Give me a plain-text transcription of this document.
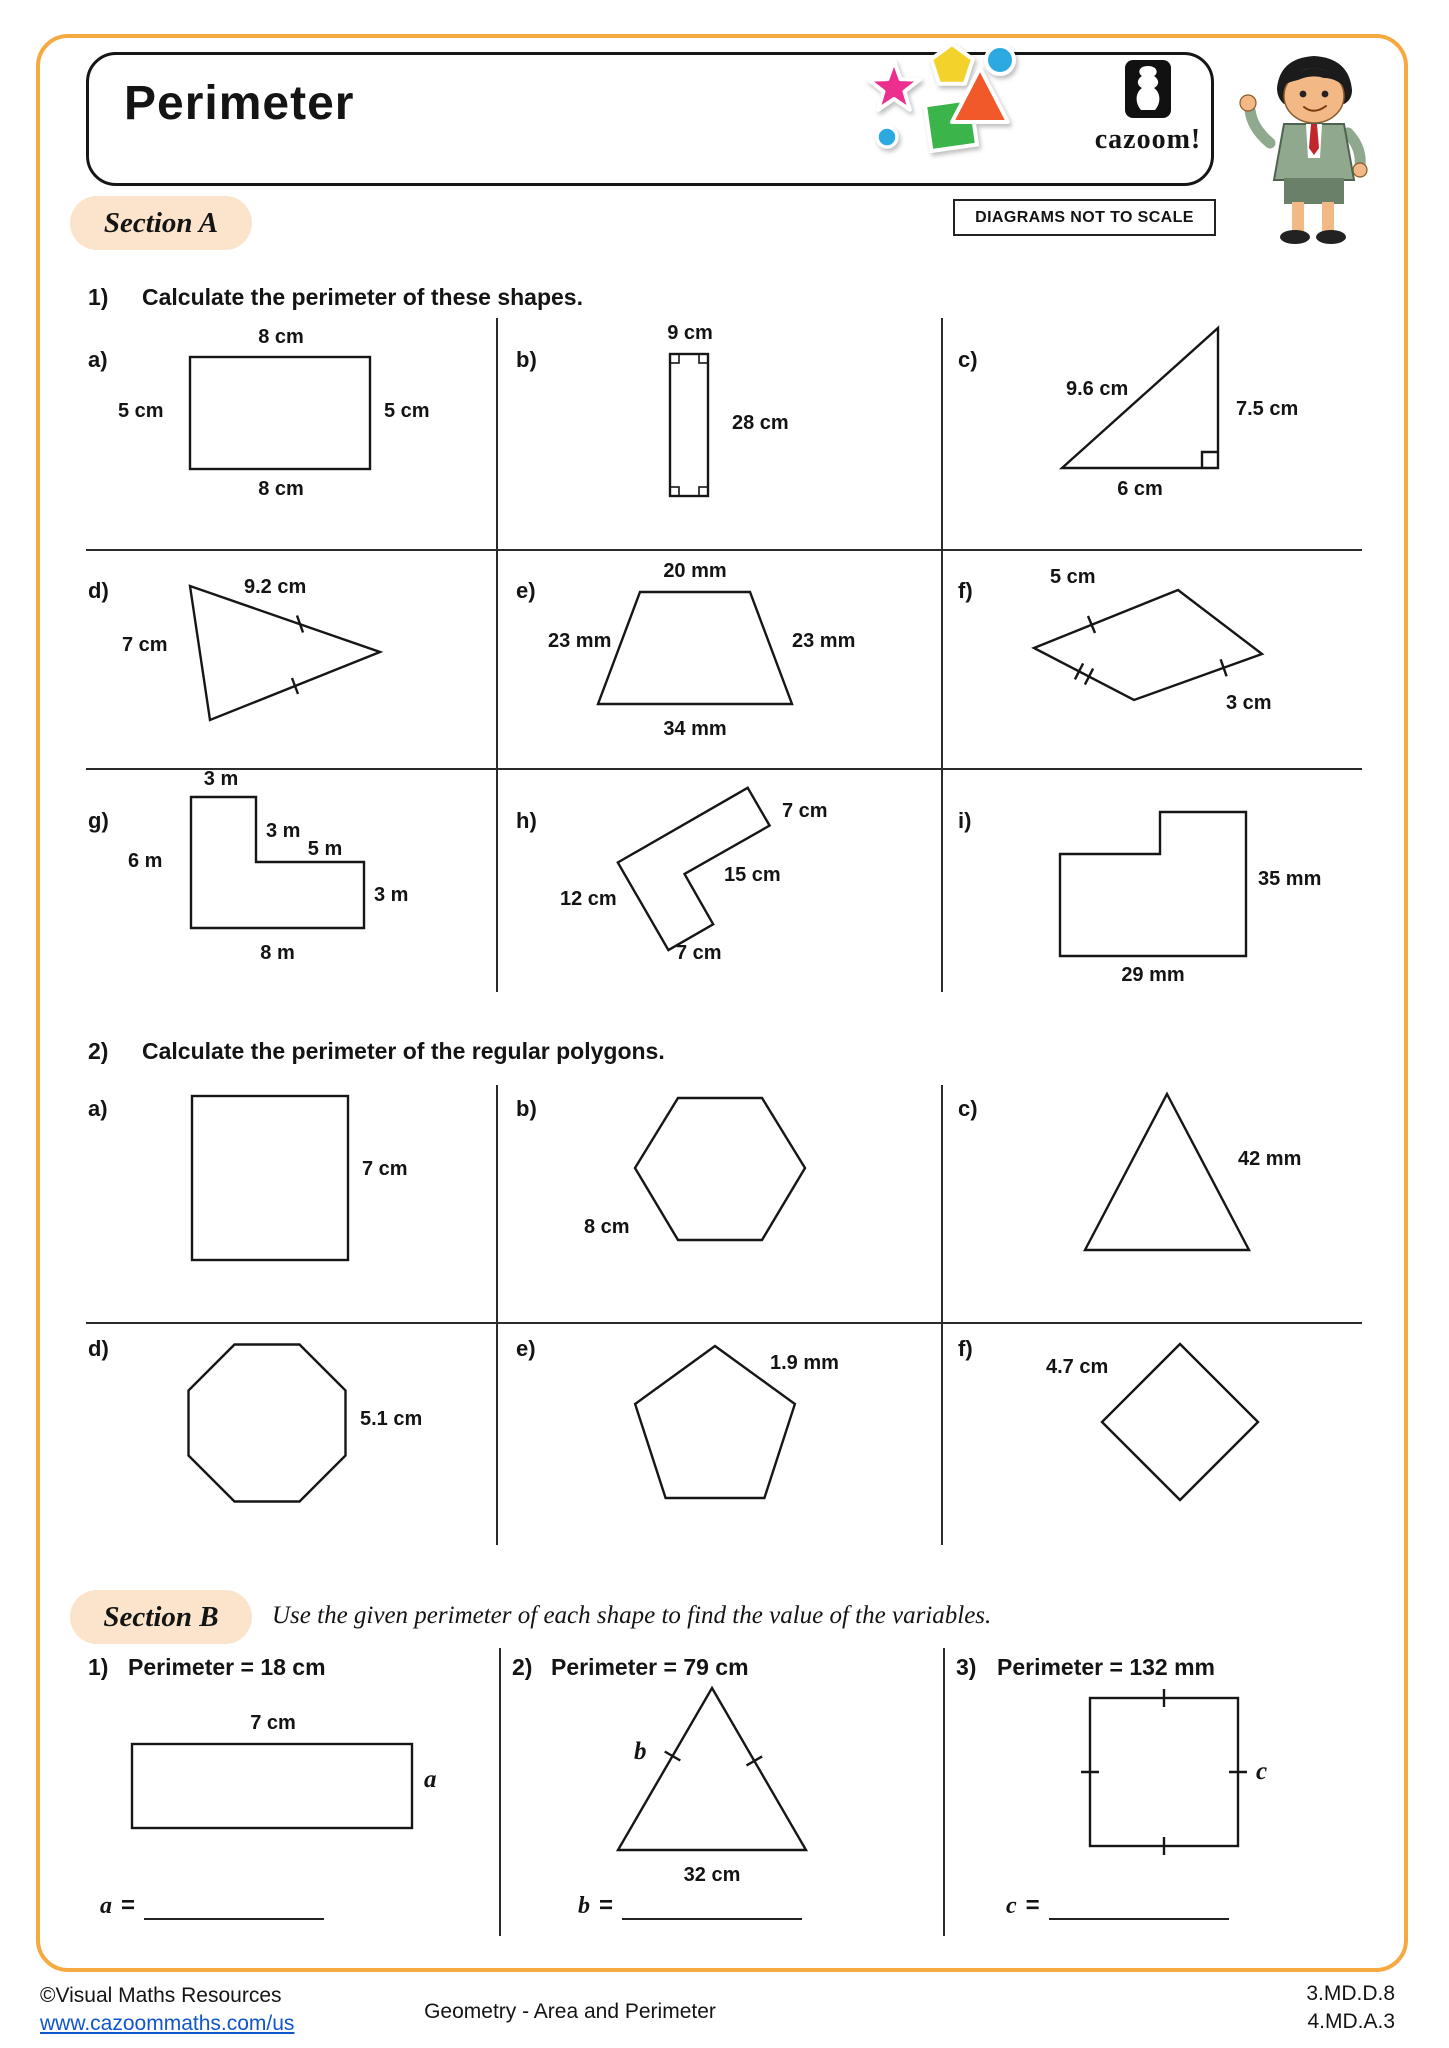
Perimeter
cazoom!
DIAGRAMS NOT TO SCALE
Section A
1) Calculate the perimeter of these shapes.
a)
8 cm
5 cm	5 cm
8 cm
b)
9 cm
28 cm
c)
9.6 cm
7.5 cm
6 cm
d)	9.2 cm
7 cm
e)
20 mm
23 mm	23 mm
34 mm
f)
5 cm
3 cm
g)
3 m
3 m
6 m
5 m
3 m
8 m
h)	7 cm
15 cm
12 cm
7 cm
i)
35 mm
29 mm
2) Calculate the perimeter of the regular polygons.
a)
7 cm
b)
8 cm
c)
42 mm
d)
5.1 cm
e)
1.9 mm
f)
4.7 cm
Section B	Use the given perimeter of each shape to find the value of the variables.
1) Perimeter = 18 cm
7 cm
a
a =
2) Perimeter = 79 cm
b
32 cm
b =
3) Perimeter = 132 mm
c
c =
©Visual Maths Resources
www.cazoommaths.com/us
Geometry - Area and Perimeter
3.MD.D.8
4.MD.A.3
